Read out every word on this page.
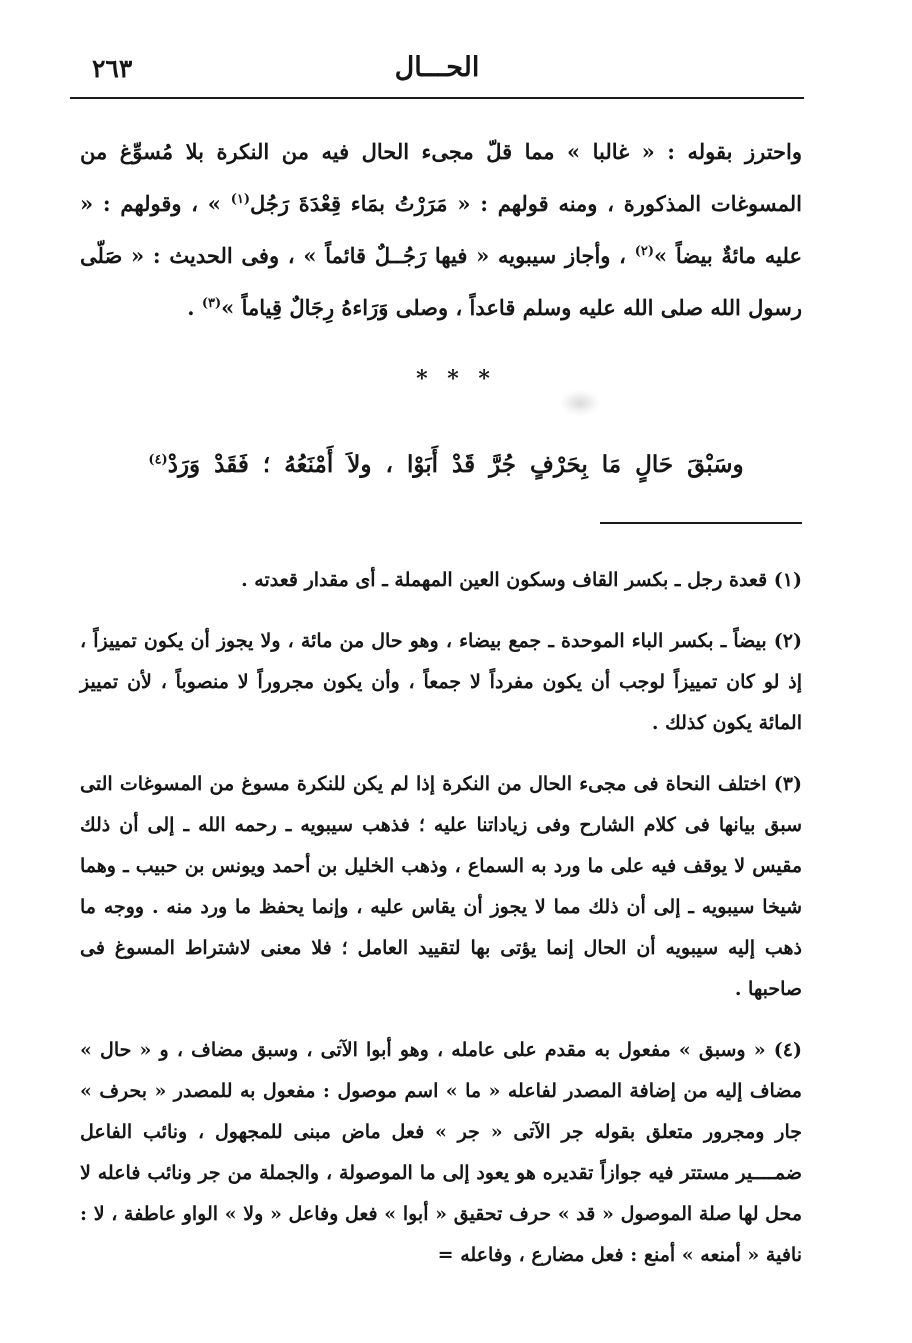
الحـــال
٢٦٣
واحترز بقوله : « غالبا » مما قلّ مجىء الحال فيه من النكرة بلا مُسوِّغ من المسوغات المذكورة ، ومنه قولهم : « مَرَرْتُ بمَاء قِعْدَةَ رَجُل$^{(١)}$ » ، وقولهم : « عليه مائةٌ بيضاً »$^{(٢)}$ ، وأجاز سيبويه « فيها رَجُــلٌ قائماً » ، وفى الحديث : « صَلّى رسول الله صلى الله عليه وسلم قاعداً ، وصلى وَرَاءهُ رِجَالٌ قِياماً »$^{(٣)}$ .
* * *
وسَبْقَ حَالٍ مَا بِحَرْفٍ جُرَّ قَدْ أَبَوْا ، ولاَ أَمْنَعُهُ ؛ فَقَدْ وَرَدْ$^{(٤)}$

(١) قعدة رجل ـ بكسر القاف وسكون العين المهملة ـ أى مقدار قعدته .

(٢) بيضاً ـ بكسر الباء الموحدة ـ جمع بيضاء ، وهو حال من مائة ، ولا يجوز أن يكون تمييزاً ، إذ لو كان تمييزاً لوجب أن يكون مفرداً لا جمعاً ، وأن يكون مجروراً لا منصوباً ، لأن تمييز المائة يكون كذلك .

(٣) اختلف النحاة فى مجىء الحال من النكرة إذا لم يكن للنكرة مسوغ من المسوغات التى سبق بيانها فى كلام الشارح وفى زياداتنا عليه ؛ فذهب سيبويه ـ رحمه الله ـ إلى أن ذلك مقيس لا يوقف فيه على ما ورد به السماع ، وذهب الخليل بن أحمد ويونس بن حبيب ـ وهما شيخا سيبويه ـ إلى أن ذلك مما لا يجوز أن يقاس عليه ، وإنما يحفظ ما ورد منه . ووجه ما ذهب إليه سيبويه أن الحال إنما يؤتى بها لتقييد العامل ؛ فلا معنى لاشتراط المسوغ فى صاحبها .

(٤) « وسبق » مفعول به مقدم على عامله ، وهو أبوا الآتى ، وسبق مضاف ، و « حال » مضاف إليه من إضافة المصدر لفاعله « ما » اسم موصول : مفعول به للمصدر « بحرف » جار ومجرور متعلق بقوله جر الآتى « جر » فعل ماض مبنى للمجهول ، ونائب الفاعل ضمــــير مستتر فيه جوازاً تقديره هو يعود إلى ما الموصولة ، والجملة من جر ونائب فاعله لا محل لها صلة الموصول « قد » حرف تحقيق « أبوا » فعل وفاعل « ولا » الواو عاطفة ، لا : نافية « أمنعه » أمنع : فعل مضارع ، وفاعله =
